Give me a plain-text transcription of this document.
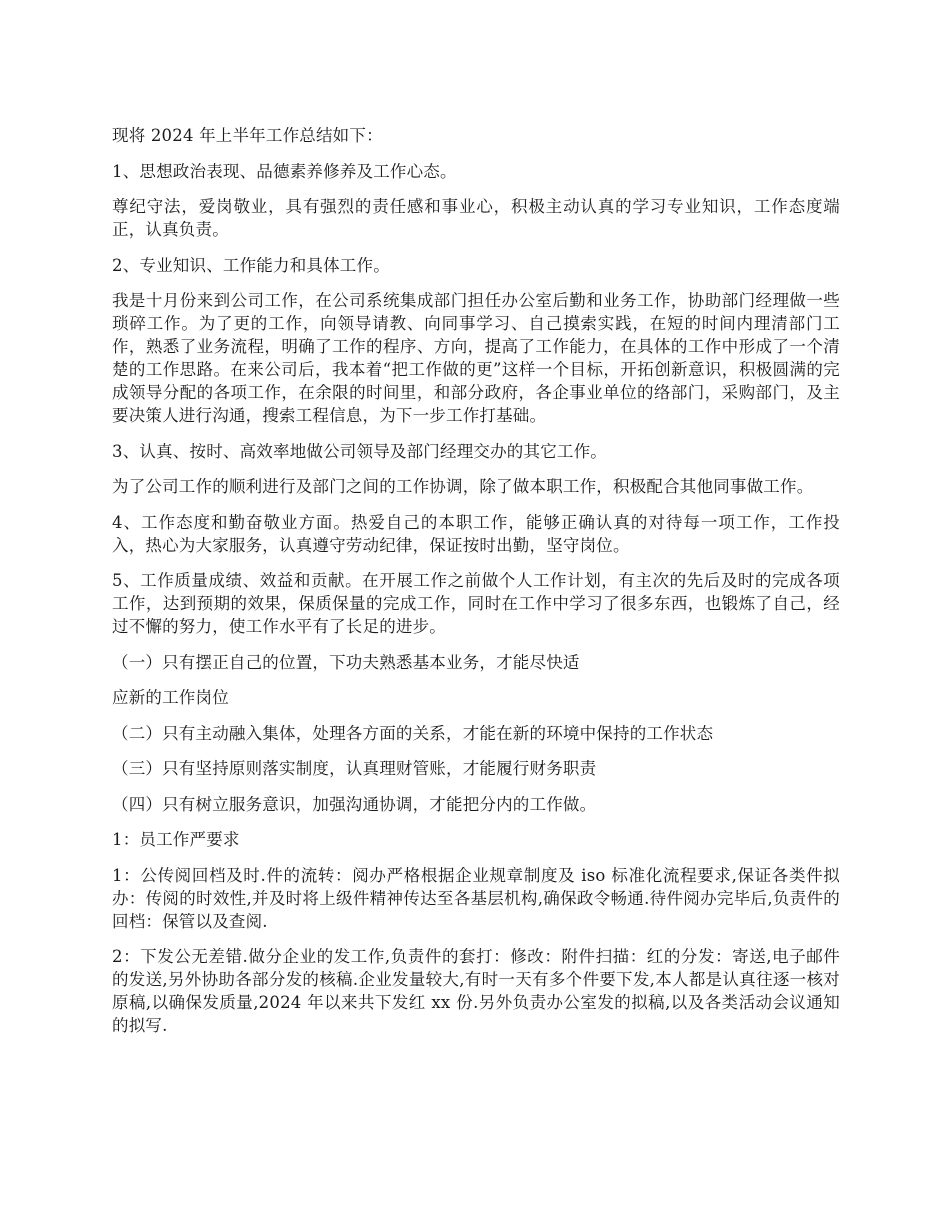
现将 2024 年上半年工作总结如下：

1、思想政治表现、品德素养修养及工作心态。

尊纪守法，爱岗敬业，具有强烈的责任感和事业心，积极主动认真的学习专业知识，工作态度端正，认真负责。

2、专业知识、工作能力和具体工作。

我是十月份来到公司工作，在公司系统集成部门担任办公室后勤和业务工作，协助部门经理做一些琐碎工作。为了更的工作，向领导请教、向同事学习、自己摸索实践，在短的时间内理清部门工作，熟悉了业务流程，明确了工作的程序、方向，提高了工作能力，在具体的工作中形成了一个清楚的工作思路。在来公司后，我本着“把工作做的更”这样一个目标，开拓创新意识，积极圆满的完成领导分配的各项工作，在余限的时间里，和部分政府，各企事业单位的络部门，采购部门，及主要决策人进行沟通，搜索工程信息，为下一步工作打基础。

3、认真、按时、高效率地做公司领导及部门经理交办的其它工作。

为了公司工作的顺利进行及部门之间的工作协调，除了做本职工作，积极配合其他同事做工作。

4、工作态度和勤奋敬业方面。热爱自己的本职工作，能够正确认真的对待每一项工作，工作投入，热心为大家服务，认真遵守劳动纪律，保证按时出勤，坚守岗位。

5、工作质量成绩、效益和贡献。在开展工作之前做个人工作计划，有主次的先后及时的完成各项工作，达到预期的效果，保质保量的完成工作，同时在工作中学习了很多东西，也锻炼了自己，经过不懈的努力，使工作水平有了长足的进步。

（一）只有摆正自己的位置，下功夫熟悉基本业务，才能尽快适

应新的工作岗位

（二）只有主动融入集体，处理各方面的关系，才能在新的环境中保持的工作状态

（三）只有坚持原则落实制度，认真理财管账，才能履行财务职责

（四）只有树立服务意识，加强沟通协调，才能把分内的工作做。

1：员工作严要求

1：公传阅回档及时.件的流转：阅办严格根据企业规章制度及 iso 标准化流程要求,保证各类件拟办：传阅的时效性,并及时将上级件精神传达至各基层机构,确保政令畅通.待件阅办完毕后,负责件的回档：保管以及查阅.

2：下发公无差错.做分企业的发工作,负责件的套打：修改：附件扫描：红的分发：寄送,电子邮件的发送,另外协助各部分发的核稿.企业发量较大,有时一天有多个件要下发,本人都是认真往逐一核对原稿,以确保发质量,2024 年以来共下发红 xx 份.另外负责办公室发的拟稿,以及各类活动会议通知的拟写.
